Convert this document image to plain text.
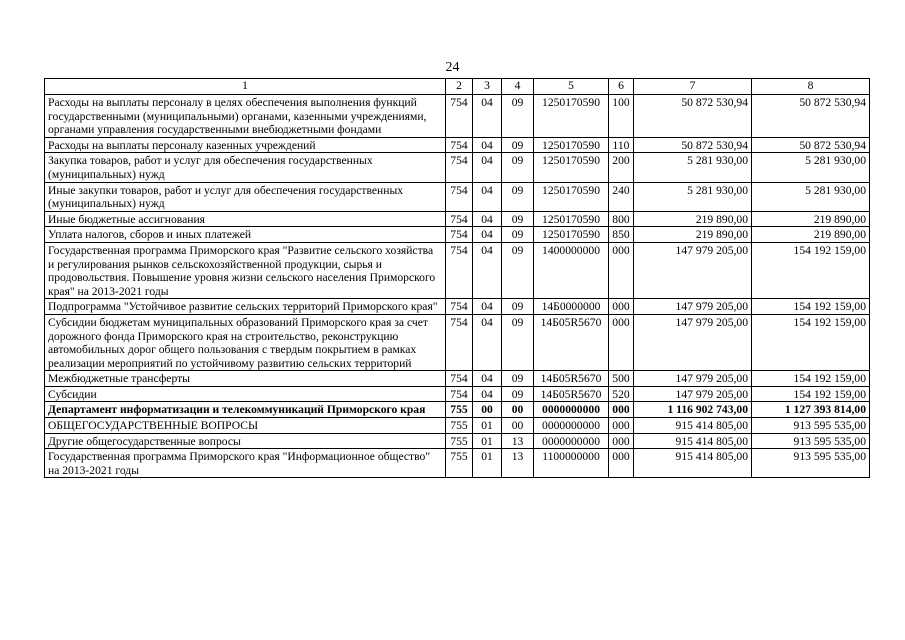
24
1	2	3	4	5	6	7	8
Расходы на выплаты персоналу в целях обеспечения выполнения функций государственными (муниципальными) органами, казенными учреждениями, органами управления государственными внебюджетными фондами	754	04	09	1250170590	100	50 872 530,94	50 872 530,94
Расходы на выплаты персоналу казенных учреждений	754	04	09	1250170590	110	50 872 530,94	50 872 530,94
Закупка товаров, работ и услуг для обеспечения государственных (муниципальных) нужд	754	04	09	1250170590	200	5 281 930,00	5 281 930,00
Иные закупки товаров, работ и услуг для обеспечения государственных (муниципальных) нужд	754	04	09	1250170590	240	5 281 930,00	5 281 930,00
Иные бюджетные ассигнования	754	04	09	1250170590	800	219 890,00	219 890,00
Уплата налогов, сборов и иных платежей	754	04	09	1250170590	850	219 890,00	219 890,00
Государственная программа Приморского края "Развитие сельского хозяйства и регулирования рынков сельскохозяйственной продукции, сырья и продовольствия. Повышение уровня жизни сельского населения Приморского края" на 2013-2021 годы	754	04	09	1400000000	000	147 979 205,00	154 192 159,00
Подпрограмма "Устойчивое развитие сельских территорий Приморского края"	754	04	09	14Б0000000	000	147 979 205,00	154 192 159,00
Субсидии бюджетам муниципальных образований Приморского края за счет дорожного фонда Приморского края на строительство, реконструкцию автомобильных дорог общего пользования с твердым покрытием в рамках реализации мероприятий по устойчивому развитию сельских территорий	754	04	09	14Б05R5670	000	147 979 205,00	154 192 159,00
Межбюджетные трансферты	754	04	09	14Б05R5670	500	147 979 205,00	154 192 159,00
Субсидии	754	04	09	14Б05R5670	520	147 979 205,00	154 192 159,00
Департамент информатизации и телекоммуникаций Приморского края	755	00	00	0000000000	000	1 116 902 743,00	1 127 393 814,00
ОБЩЕГОСУДАРСТВЕННЫЕ ВОПРОСЫ	755	01	00	0000000000	000	915 414 805,00	913 595 535,00
Другие общегосударственные вопросы	755	01	13	0000000000	000	915 414 805,00	913 595 535,00
Государственная программа Приморского края "Информационное общество" на 2013-2021 годы	755	01	13	1100000000	000	915 414 805,00	913 595 535,00
